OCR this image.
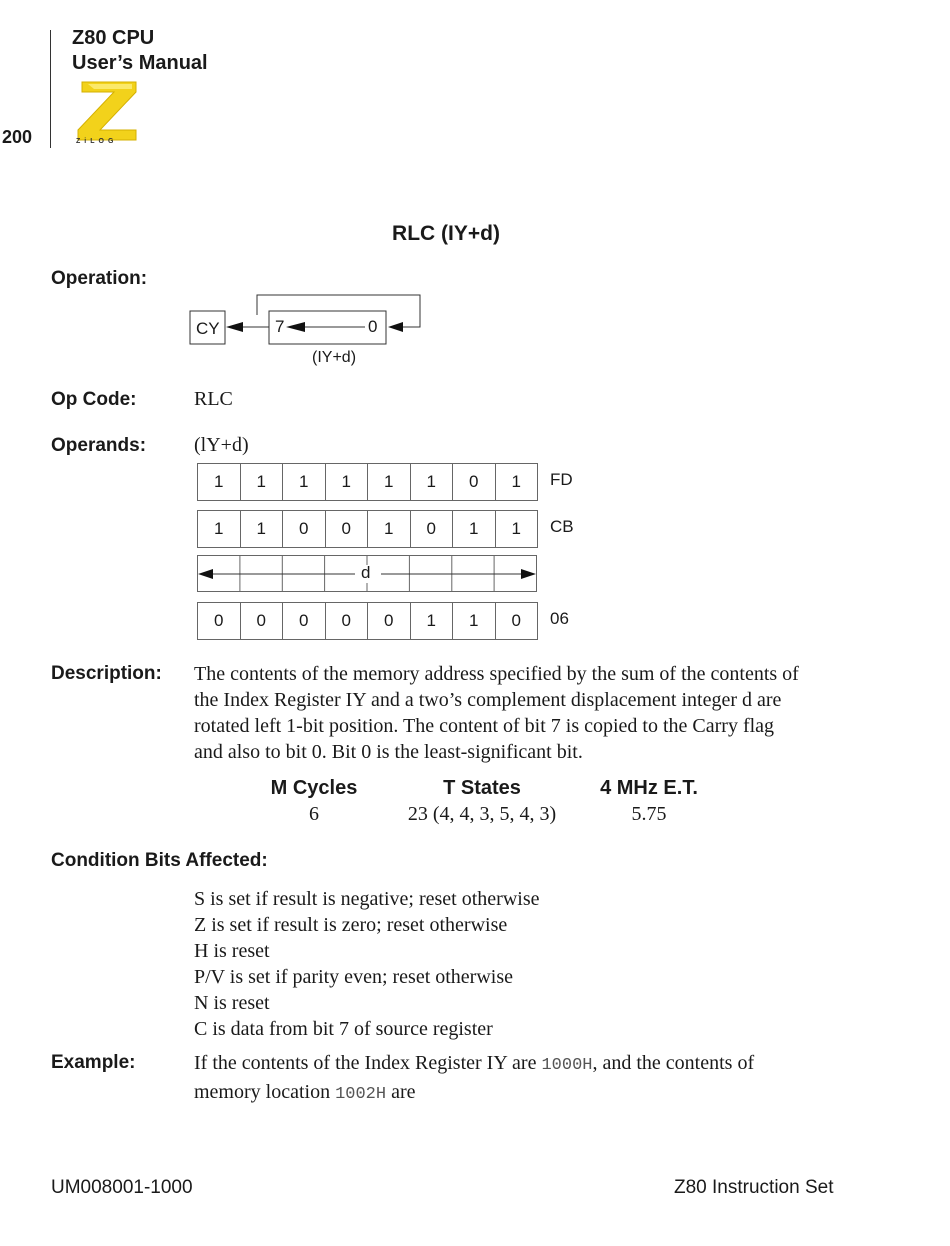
Z80 CPU
User’s Manual
200	ZiLOG
RLC (IY+d)
Operation:
CY	7	0
(IY+d)
Op Code:	RLC
Operands: (lY+d)
1	1	1	1	1	1	0	1	FD
1	1	0	0	1	0	1	1	CB
d
0	0	0	0	0	1	1	0	06
Description: The contents of the memory address specified by the sum of the contents of
the Index Register IY and a two’s complement displacement integer d are
rotated left 1-bit position. The content of bit 7 is copied to the Carry flag
and also to bit 0. Bit 0 is the least-significant bit.
M Cycles	T States	4 MHz E.T.
6	23 (4, 4, 3, 5, 4, 3)	5.75
Condition Bits Affected:
S is set if result is negative; reset otherwise
Z is set if result is zero; reset otherwise
H is reset
P/V is set if parity even; reset otherwise
N is reset
C is data from bit 7 of source register
Example:	If the contents of the Index Register IY are 1000H, and the contents of
memory location 1002H are
UM008001-1000	Z80 Instruction Set
